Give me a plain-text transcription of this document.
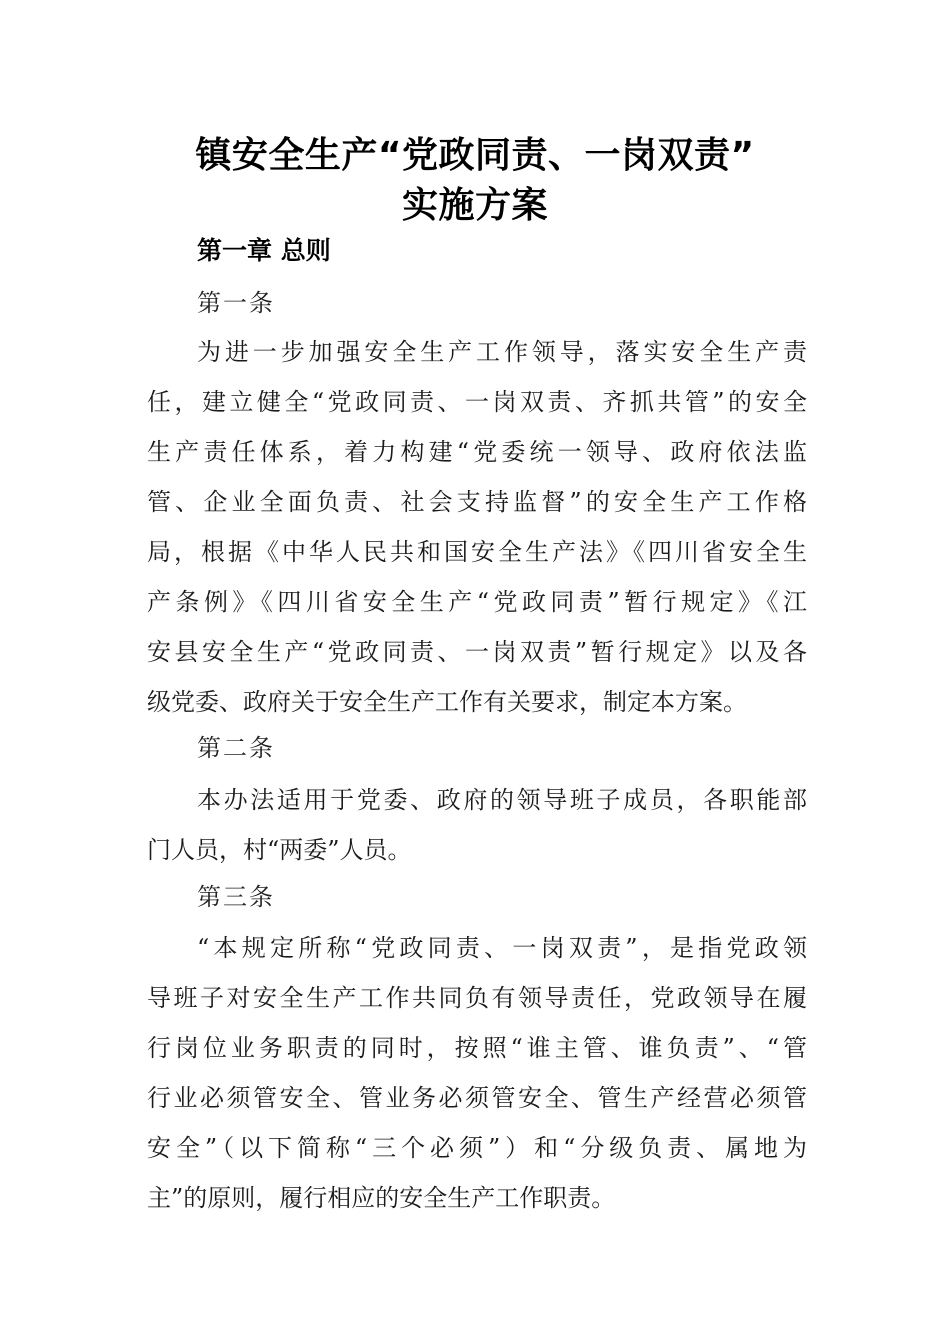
镇安全生产“党政同责、一岗双责”
实施方案
第一章 总则
第一条
为进一步加强安全生产工作领导，落实安全生产责
任，建立健全“党政同责、一岗双责、齐抓共管”的安全
生产责任体系，着力构建“党委统一领导、政府依法监
管、企业全面负责、社会支持监督”的安全生产工作格
局，根据《中华人民共和国安全生产法》《四川省安全生
产条例》《四川省安全生产“党政同责”暂行规定》《江
安县安全生产“党政同责、一岗双责”暂行规定》以及各
级党委、政府关于安全生产工作有关要求，制定本方案。
第二条
本办法适用于党委、政府的领导班子成员，各职能部
门人员，村“两委”人员。
第三条
“本规定所称“党政同责、一岗双责”，是指党政领
导班子对安全生产工作共同负有领导责任，党政领导在履
行岗位业务职责的同时，按照“谁主管、谁负责”、“管
行业必须管安全、管业务必须管安全、管生产经营必须管
安全”（以下简称“三个必须”）和“分级负责、属地为
主”的原则，履行相应的安全生产工作职责。
